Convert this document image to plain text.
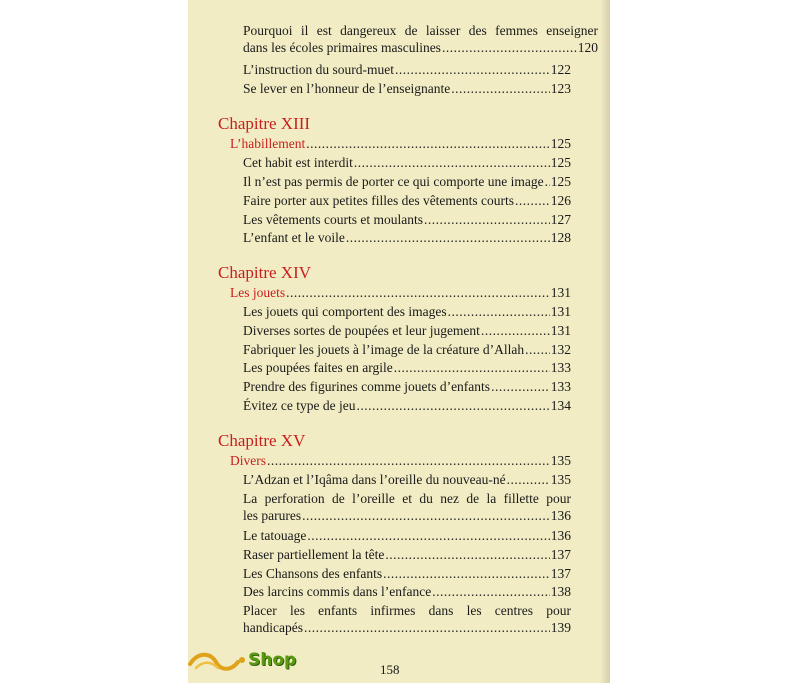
Pourquoi il est dangereux de laisser des femmes enseigner
dans les écoles primaires masculines .....	120
L’instruction du sourd-muet .....	122
Se lever en l’honneur de l’enseignante .....	123
Chapitre XIII
L’habillement .....	125
Cet habit est interdit .....	125
Il n’est pas permis de porter ce qui comporte une image ..... 125
Faire porter aux petites filles des vêtements courts .....	126
Les vêtements courts et moulants .....	127
L’enfant et le voile .....	128
Chapitre XIV
Les jouets .....	131
Les jouets qui comportent des images .....	131
Diverses sortes de poupées et leur jugement .....	131
Fabriquer les jouets à l’image de la créature d’Allah ..... 132
Les poupées faites en argile .....	133
Prendre des figurines comme jouets d’enfants .....	133
Évitez ce type de jeu .....	134
Chapitre XV
Divers .....	135
L’Adzan et l’Iqâma dans l’oreille du nouveau-né .....	135
La perforation de l’oreille et du nez de la fillette pour
les parures .....	136
Le tatouage .....	136
Raser partiellement la tête .....	137
Les Chansons des enfants .....	137
Des larcins commis dans l’enfance .....	138
Placer les enfants infirmes dans les centres pour
handicapés .....	139
158
Shop
